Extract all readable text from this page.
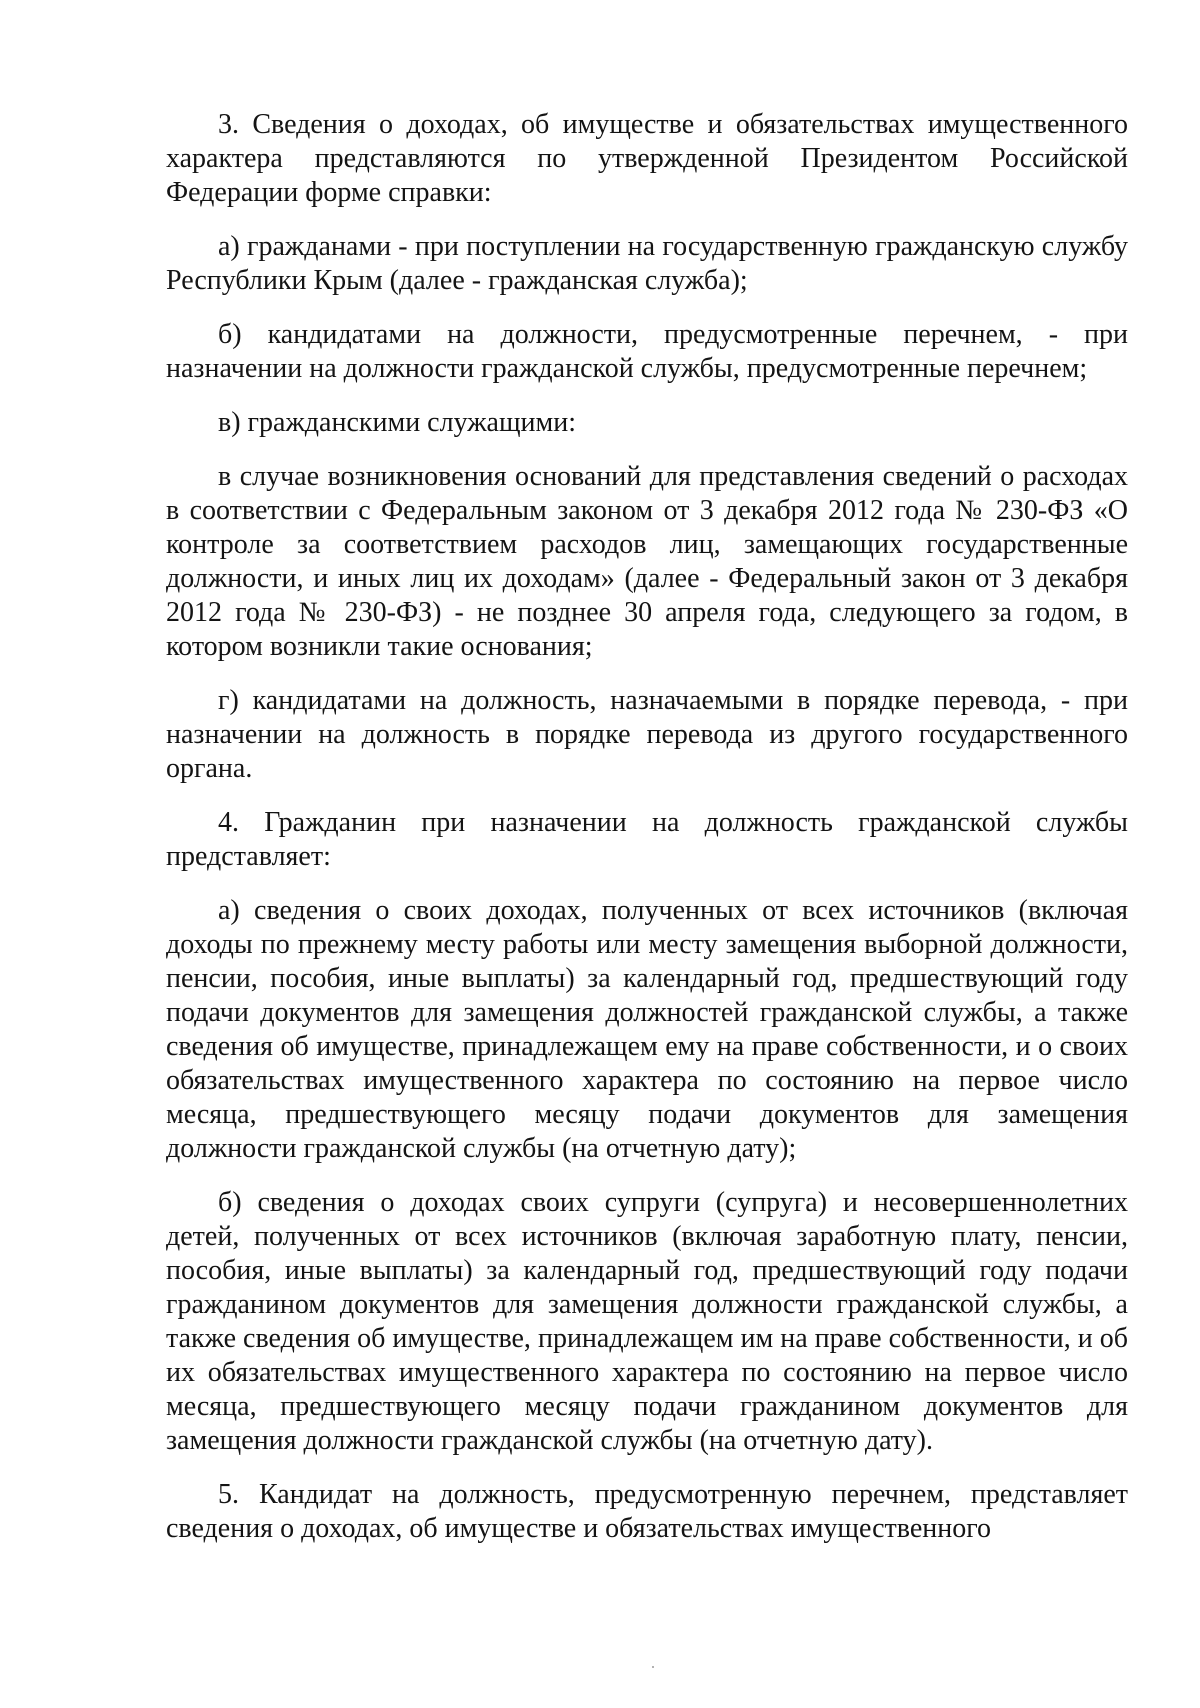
3. Сведения о доходах, об имуществе и обязательствах имущественного характера представляются по утвержденной Президентом Российской Федерации форме справки:

а) гражданами - при поступлении на государственную гражданскую службу Республики Крым (далее - гражданская служба);

б) кандидатами на должности, предусмотренные перечнем, - при назначении на должности гражданской службы, предусмотренные перечнем;

в) гражданскими служащими:

в случае возникновения оснований для представления сведений о расходах в соответствии с Федеральным законом от 3 декабря 2012 года № 230-ФЗ «О контроле за соответствием расходов лиц, замещающих государственные должности, и иных лиц их доходам» (далее - Федеральный закон от 3 декабря 2012 года № 230-ФЗ) - не позднее 30 апреля года, следующего за годом, в котором возникли такие основания;

г) кандидатами на должность, назначаемыми в порядке перевода, - при назначении на должность в порядке перевода из другого государственного органа.

4. Гражданин при назначении на должность гражданской службы представляет:

а) сведения о своих доходах, полученных от всех источников (включая доходы по прежнему месту работы или месту замещения выборной должности, пенсии, пособия, иные выплаты) за календарный год, предшествующий году подачи документов для замещения должностей гражданской службы, а также сведения об имуществе, принадлежащем ему на праве собственности, и о своих обязательствах имущественного характера по состоянию на первое число месяца, предшествующего месяцу подачи документов для замещения должности гражданской службы (на отчетную дату);

б) сведения о доходах своих супруги (супруга) и несовершеннолетних детей, полученных от всех источников (включая заработную плату, пенсии, пособия, иные выплаты) за календарный год, предшествующий году подачи гражданином документов для замещения должности гражданской службы, а также сведения об имуществе, принадлежащем им на праве собственности, и об их обязательствах имущественного характера по состоянию на первое число месяца, предшествующего месяцу подачи гражданином документов для замещения должности гражданской службы (на отчетную дату).

5. Кандидат на должность, предусмотренную перечнем, представляет сведения о доходах, об имуществе и обязательствах имущественного
